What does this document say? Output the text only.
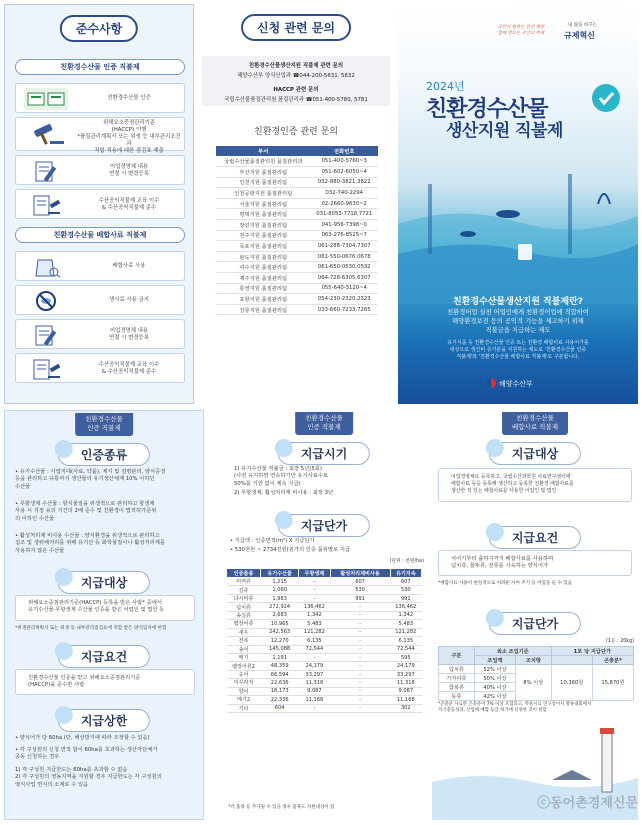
준수사항
친환경수산물 인증 직불제
친환경수산물 인증
위해요소중점관리기준
(HACCP) 이행
*품질관리계획서 또는 위생 등 내부관리조건과
적합 적용에 대한 점검표 제출
어업경영체 내용
연결 시 변경등록
수산공익직불제 교육 이수
& 수산공익직불제 준수
친환경수산물 배합사료 직불제
배합사료 사용
생사료 사용 금지
어업경영체 내용
연결 시 변경등록
수산공익직불제 교육 이수
& 수산공익직불제 준수
신청 관련 문의
친환경수산물생산지원 직불제 관련 문의
해양수산부 양식산업과 ☎044-200-5631, 5632
HACCP 관련 문의
국립수산물품질관리원 품질관리과 ☎051-400-5780, 5781
친환경인증 관련 문의
부서	전화번호
국립수산물품질관리원 품질관리과	051-400-5760~3
부산지원 품질관리팀	051-602-6050~4
인천지원 품질관리팀	032-880-3821,3822
인천공항지원 품질관리팀	032-740-2294
서울지원 품질관리팀	02-2660-9630~2
평택지원 품질관리팀	031-8053-7718,7721
장진지원 품질관리팀	041-956-7398~0
전주지원 품질관리팀	063-276-8525~7
목포지원 품질관리팀	061-288-7304,7307
완도지원 품질관리팀	061-550-0676,0678
여수지원 품질관리팀	061-650-0530,0532
제주지원 품질관리팀	064-728-6305,6307
통영지원 품질관리팀	055-640-3120~4
포항지원 품질관리팀	054-230-2320,2323
강릉지원 품질관리팀	033-660-7233,7265
국민이 원하는 안전 해양
함께 만드는 수산의 미래
내 삶을 바꾸는
규제혁신
2024년
친환경수산물
생산지원 직불제
친환경수산물생산지원 직불제란?
친환경어업 실천 어업인에게 친환경어업에 적합하여
해양환경보전 등의 공익적 기능을 제고하기 위해
직불금을 지급하는 제도
유기식품 등 친환경수산물 인증 또는 친환경 배합사료 사용어가를
대상으로 생산비 증가분을 지원하는 제도로 '친환경수산물 인증
직불제'와 '친환경수산물 배합사료 직불제'로 구분합니다.
해양수산부
친환경수산물
인증 직불제
인증종류
• 유기수산물 : 사업지대(사료, 약품), 제지 및 질병관리, 양식공정
등을 관리하고 유통까지 생산물의 유기생산체계 10% 이하인
수산물
• 무항생제 수산물 : 항식물질을 위생적으로 관리하고 항생제
사용 시 지정 유의 기간의 2배 준수 및 친환경이 법적허가준위
의 이하인 수산물
• 활성처리제 비사용 수산물 : 양식환경을 위생적으로 관리하고
집조 및 생위해처리를 위해 유기산 등 화학물질이나 활성처리제를
사용하지 않은 수산물
지급대상
위해요소중점관리기준(HACCP) 등록을 받은 사람* 중에서
유기수산물·무항생제 수산물 인증을 받은 어업인 및 법인 등
*위생관리계획서 또는 위생 등 내부관리점검표에 적합 받은 양식업자에 한함
지급요건
친환경수산물 인증을 받고 위해요소중점관리기준
(HACCP)을 준수한 사람
지급상한
• 양식어가 당 60ha (단, 해상방지에 따라 조정할 수 있음)
• 각 구성원의 신청 면적 합이 60ha를 초과하는 생산자단체가
공동 신청하는 경우
1) 각 구성원 지급한도는 60ha를 초과할 수 없음
2) 각 구성원의 영농지역을 지원할 경우 지급한도는 각 구성원의
영식사업 면식의 소계로 수 있음
친환경수산물
인증 직불제
지급시기
1) 유기수산물 직불금 : 최장 5년(5회)
(사전 유지하면 연속하기만 유기사료수로
50%를 기한 없이 계속 지급)
2) 무항생제, 활성처리제 비사용 : 최장 3년
지급단가
• 지급액 : 인증면적(m²) X 지급단가
• 530천원 ~ 2734천원(원가의 인증 품위별로 지급
(단위 : 천원/ha)
인증품종	유기수산물	무항생제	활성처리제비사용	유기지속
미역류	1,215	-	607	607
김류	1,060	-	530	530
다시마류	1,983	-	991	991
넙치류	272,924	136,462	-	136,462
송실류	2,683	1,342	-	1,342
뱀장어류	10,965	5,483	-	5,483
새우	242,563	121,282	-	121,282
전복	12,270	6,135	-	6,135
송어	145,088	72,544	-	72,544
메기	1,191	-	-	595
뱀장어류2	48,359	24,179	-	24,179
숭어	66,594	33,297	-	33,297
미꾸라지	22,636	11,318	-	11,318
향어	18,173	9,087	-	9,087
메기2	22,336	11,168	-	11,168
기타	604	-	-	302
*각 품목 등 추가될 수 있을 경우 품목도 지원대상이 됨
친환경수산물
배합사료 직불제
지급대상
어업경영체로 등록하고, 국립수산과학원 사료연구센터에
배합사료 등을 등록해 생산하고 등록한 친환경 배합사료를
생산한 적 있는 배합사료를 사용한 어업인 및 법인
지급요건
치어기부터 출하기까지 배합사료를 사용하며
넙치류, 꼴뚜류, 전류를 사육하는 양식어가
*배합사료 사용이 현실적으로 어려운 자어 주기 등 어업을 둘 수 있음
지급단가
(1등 : 20kg)
구분	최소 조업기준		1포 당 지급단가	
	조업액	조치방		곤충분*
넙치류	52% 이상	8% 이상	10,360원	15,870원
가자미류	50% 이상			
참복류	40% 이상			
동류	42% 이상			
*곤충분 사료란 곤충분이 7% 이상 포함되고, 박물시료 연구장이서 방류대회에서
지기충동성과, 산업에 배합 등급 허가에 신성한 것이 한함
ⓒ동어촌경제신문
